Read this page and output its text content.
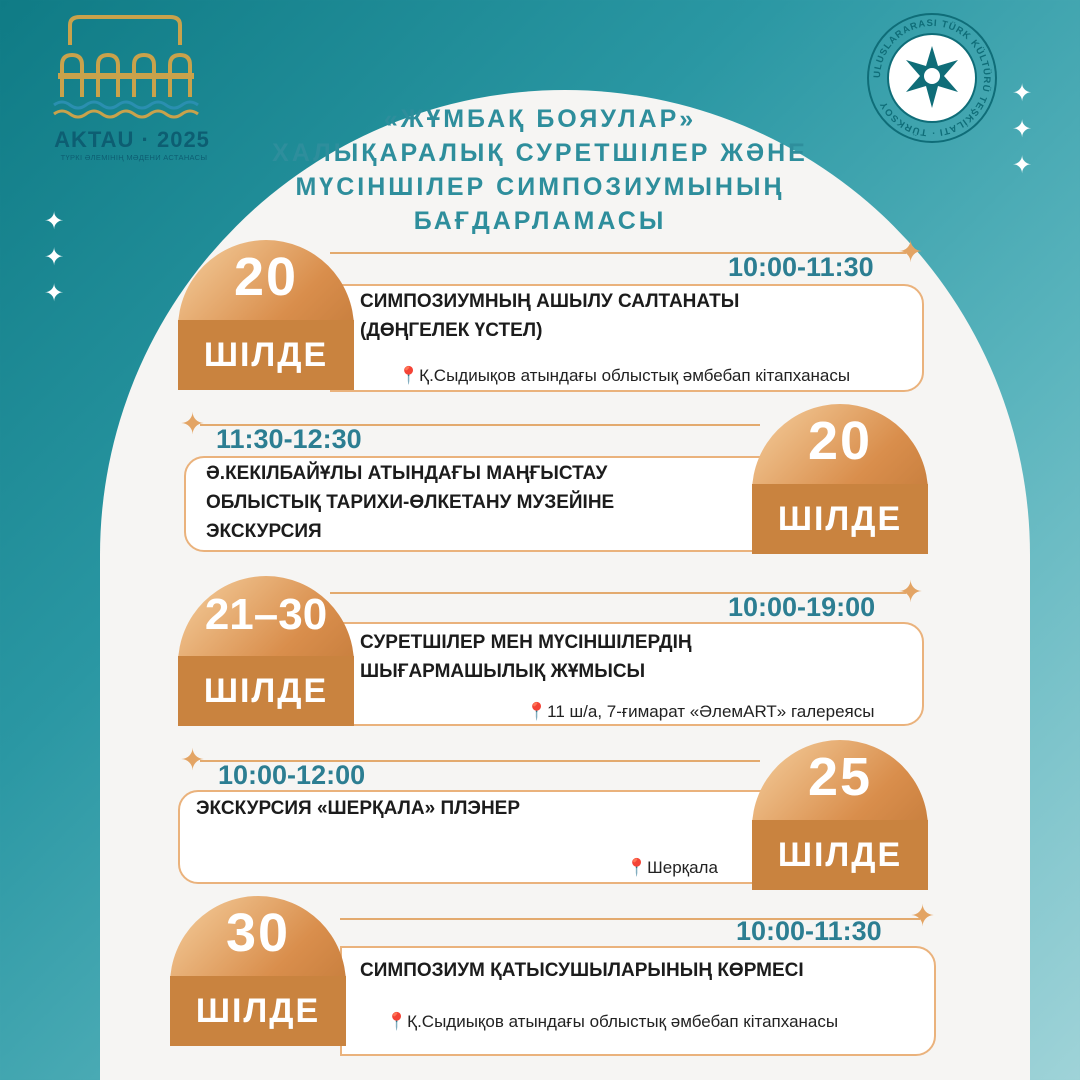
AKTAU · 2025
ТҮРКІ ӘЛЕМІНІҢ МӘДЕНИ АСТАНАСЫ
ULUSLARARASI TÜRK KÜLTÜRÜ TEŞKİLATI · TÜRKSOY
✦
✦
✦
✦
✦
✦
«ЖҰМБАҚ БОЯУЛАР»
ХАЛЫҚАРАЛЫҚ СУРЕТШІЛЕР ЖӘНЕ
МҮСІНШІЛЕР СИМПОЗИУМЫНЫҢ
БАҒДАРЛАМАСЫ
✦
20
ШІЛДЕ
10:00-11:30
СИМПОЗИУМНЫҢ АШЫЛУ САЛТАНАТЫ
(ДӨҢГЕЛЕК ҮСТЕЛ)
📍Қ.Сыдиықов атындағы облыстық әмбебап кітапханасы
✦	20
ШІЛДЕ
11:30-12:30
Ә.КЕКІЛБАЙҰЛЫ АТЫНДАҒЫ МАҢҒЫСТАУ
ОБЛЫСТЫҚ ТАРИХИ-ӨЛКЕТАНУ МУЗЕЙІНЕ
ЭКСКУРСИЯ
✦
21–30
ШІЛДЕ
10:00-19:00
СУРЕТШІЛЕР МЕН МҮСІНШІЛЕРДІҢ
ШЫҒАРМАШЫЛЫҚ ЖҰМЫСЫ
📍11 ш/а, 7-ғимарат «ӘлемART» галереясы
✦	25
ШІЛДЕ
10:00-12:00
ЭКСКУРСИЯ «ШЕРҚАЛА» ПЛЭНЕР
📍Шерқала
✦
30
ШІЛДЕ
10:00-11:30
СИМПОЗИУМ ҚАТЫСУШЫЛАРЫНЫҢ КӨРМЕСІ
📍Қ.Сыдиықов атындағы облыстық әмбебап кітапханасы
